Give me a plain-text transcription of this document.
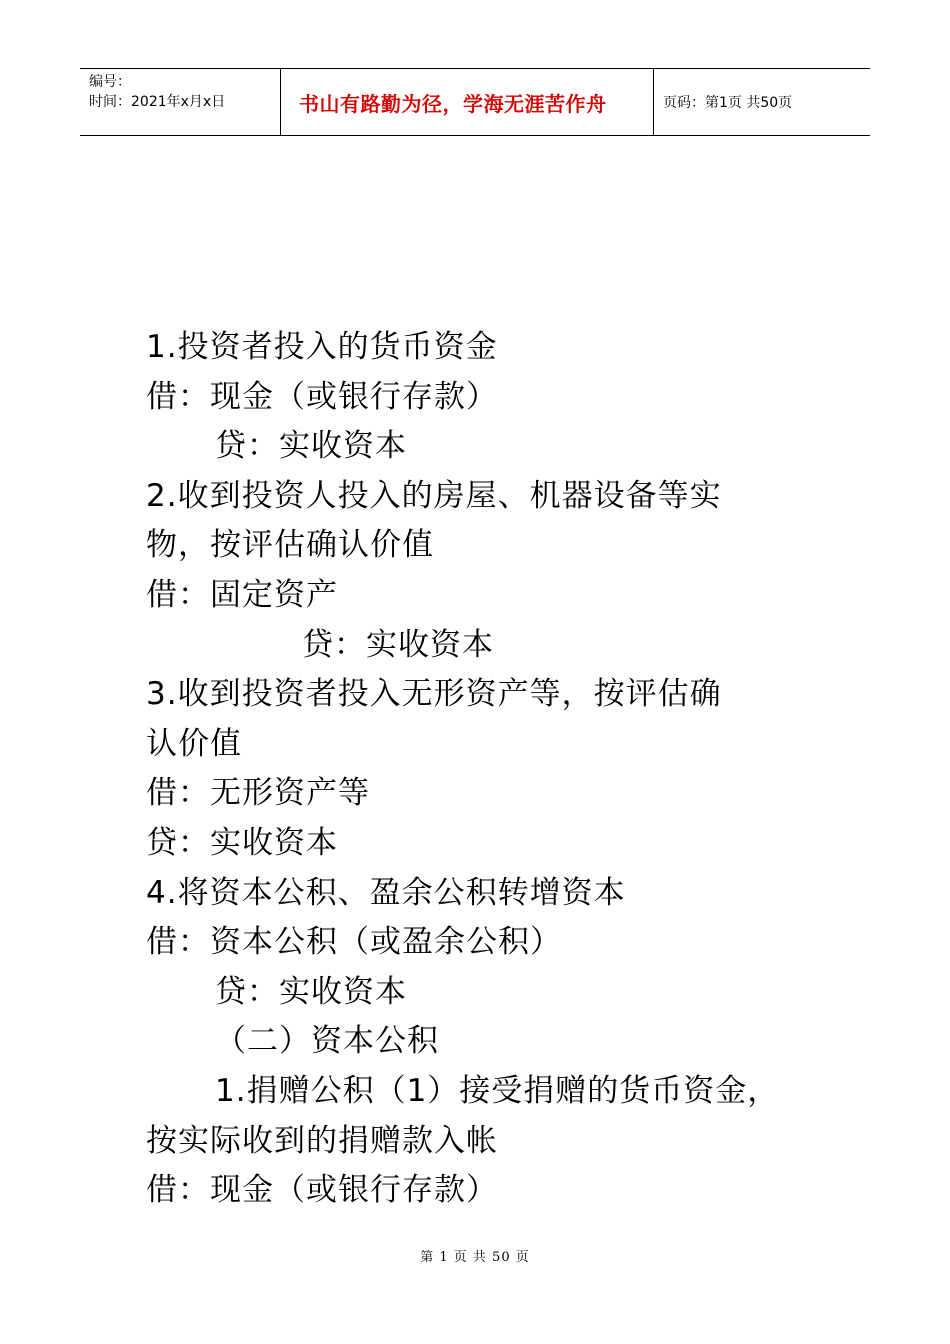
编号：
时间：2021年x月x日	书山有路勤为径，学海无涯苦作舟	页码：第1页 共50页
1.投资者投入的货币资金
借：现金（或银行存款）
贷：实收资本
2.收到投资人投入的房屋、机器设备等实
物，按评估确认价值
借：固定资产
贷：实收资本
3.收到投资者投入无形资产等，按评估确
认价值
借：无形资产等
贷：实收资本
4.将资本公积、盈余公积转增资本
借：资本公积（或盈余公积）
贷：实收资本
（二）资本公积
1.捐赠公积（1）接受捐赠的货币资金，
按实际收到的捐赠款入帐
借：现金（或银行存款）
第 1 页 共 50 页
